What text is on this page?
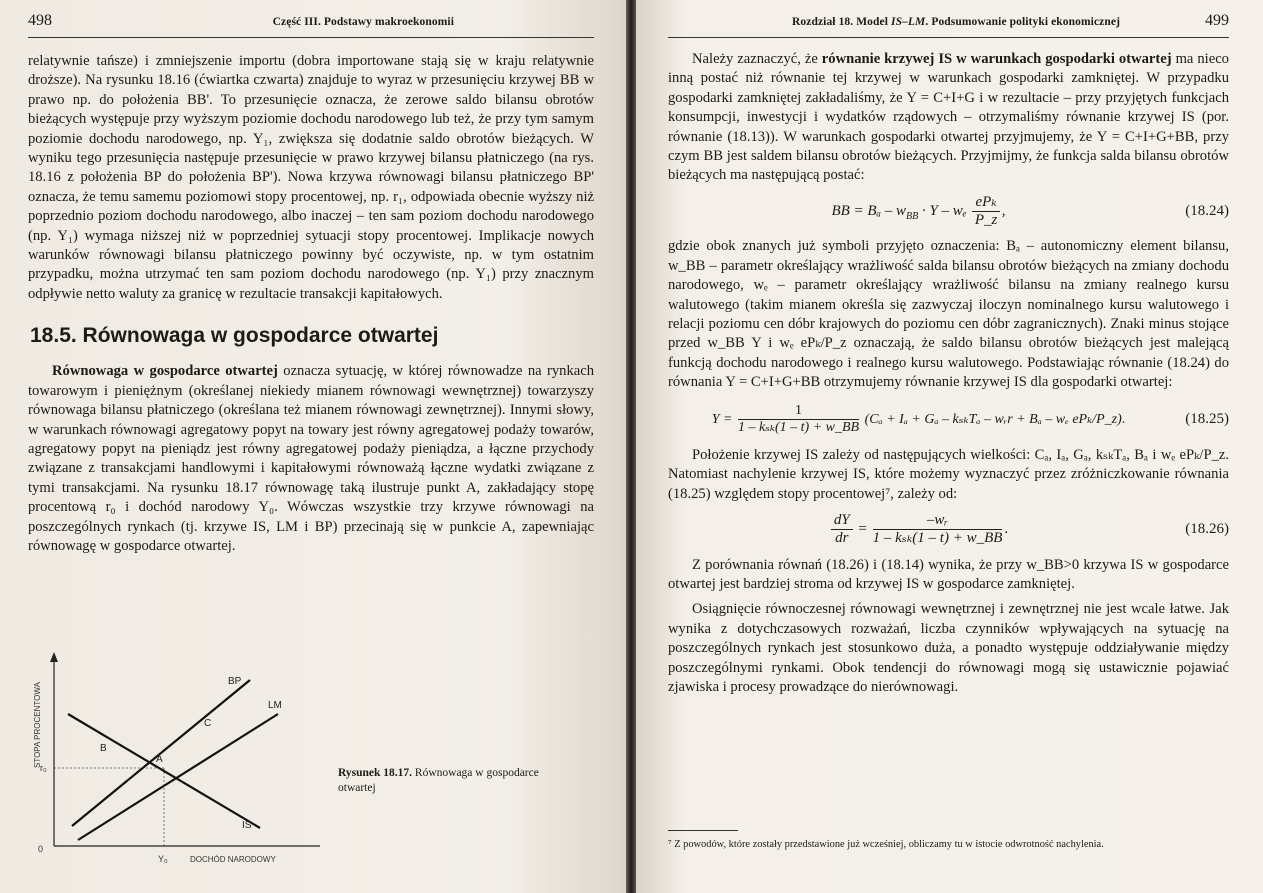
498	Część III. Podstawy makroekonomii

relatywnie tańsze) i zmniejszenie importu (dobra importowane stają się w kraju relatywnie droższe). Na rysunku 18.16 (ćwiartka czwarta) znajduje to wyraz w przesunięciu krzywej BB w prawo np. do położenia BB'. To przesunięcie oznacza, że zerowe saldo bilansu obrotów bieżących występuje przy wyższym poziomie dochodu narodowego lub też, że przy tym samym poziomie dochodu narodowego, np. Y₁, zwiększa się dodatnie saldo obrotów bieżących. W wyniku tego przesunięcia następuje przesunięcie w prawo krzywej bilansu płatniczego (na rys. 18.16 z położenia BP do położenia BP'). Nowa krzywa równowagi bilansu płatniczego BP' oznacza, że temu samemu poziomowi stopy procentowej, np. r₁, odpowiada obecnie wyższy niż poprzednio poziom dochodu narodowego, albo inaczej – ten sam poziom dochodu narodowego (np. Y₁) wymaga niższej niż w poprzedniej sytuacji stopy procentowej. Implikacje nowych warunków równowagi bilansu płatniczego powinny być oczywiste, np. w tym ostatnim przypadku, można utrzymać ten sam poziom dochodu narodowego (np. Y₁) przy znacznym odpływie netto waluty za granicę w rezultacie transakcji kapitałowych.

18.5. Równowaga w gospodarce otwartej

Równowaga w gospodarce otwartej oznacza sytuację, w której równowadze na rynkach towarowym i pieniężnym (określanej niekiedy mianem równowagi wewnętrznej) towarzyszy równowaga bilansu płatniczego (określana też mianem równowagi zewnętrznej). Innymi słowy, w warunkach równowagi agregatowy popyt na towary jest równy agregatowej podaży towarów, agregatowy popyt na pieniądz jest równy agregatowej podaży pieniądza, a łączne przychody związane z transakcjami handlowymi i kapitałowymi równoważą łączne wydatki związane z tymi transakcjami. Na rysunku 18.17 równowagę taką ilustruje punkt A, zakładający stopę procentową r₀ i dochód narodowy Y₀. Wówczas wszystkie trzy krzywe równowagi na poszczególnych rynkach (tj. krzywe IS, LM i BP) przecinają się w punkcie A, zapewniając równowagę w gospodarce otwartej.

STOPA PROCENTOWA
DOCHÓD NARODOWY
0
r₀
Y₀
BP
LM
IS
A
B
C
Rysunek 18.17. Równowaga w gospodarce otwartej
Rozdział 18. Model IS–LM. Podsumowanie polityki ekonomicznej	499

Należy zaznaczyć, że równanie krzywej IS w warunkach gospodarki otwartej ma nieco inną postać niż równanie tej krzywej w warunkach gospodarki zamkniętej. W przypadku gospodarki zamkniętej zakładaliśmy, że Y = C+I+G i w rezultacie – przy przyjętych funkcjach konsumpcji, inwestycji i wydatków rządowych – otrzymaliśmy równanie krzywej IS (por. równanie (18.13)). W warunkach gospodarki otwartej przyjmujemy, że Y = C+I+G+BB, przy czym BB jest saldem bilansu obrotów bieżących. Przyjmijmy, że funkcja salda bilansu obrotów bieżących ma następującą postać:

BB = $B_a - w_{BB} \cdot Y - w_e \frac{\text{ePₖ}}{P\_z}$ ,	(18.24)

gdzie obok znanych już symboli przyjęto oznaczenia: Bₐ – autonomiczny element bilansu, w_BB – parametr określający wrażliwość salda bilansu obrotów bieżących na zmiany dochodu narodowego, wₑ – parametr określający wrażliwość bilansu na zmiany realnego kursu walutowego (takim mianem określa się zazwyczaj iloczyn nominalnego kursu walutowego i relacji poziomu cen dóbr krajowych do poziomu cen dóbr zagranicznych). Znaki minus stojące przed w_BB Y i wₑ ePₖ/P_z oznaczają, że saldo bilansu obrotów bieżących jest malejącą funkcją dochodu narodowego i realnego kursu walutowego. Podstawiając równanie (18.24) do równania Y = C+I+G+BB otrzymujemy równanie krzywej IS dla gospodarki otwartej:

$Y = \frac{1}{\text{1 – kₛₖ(1 – t) + w\_BB}} (C_a + I_a + G_a - k_{sk}T_a$ – wᵣr + Bₐ – wₑ ePₖ/P_z).	(18.25)

Położenie krzywej IS zależy od następujących wielkości: Cₐ, Iₐ, Gₐ, kₛₖTₐ, Bₐ i wₑ ePₖ/P_z. Natomiast nachylenie krzywej IS, które możemy wyznaczyć przez zróżniczkowanie równania (18.25) względem stopy procentowej⁷, zależy od:

$\frac{dY}{dr} = \frac{\text{–wᵣ}}{\text{1 – kₛₖ(1 – t) + w\_BB}}$ .	(18.26)

Z porównania równań (18.26) i (18.14) wynika, że przy w_BB>0 krzywa IS w gospodarce otwartej jest bardziej stroma od krzywej IS w gospodarce zamkniętej.

Osiągnięcie równoczesnej równowagi wewnętrznej i zewnętrznej nie jest wcale łatwe. Jak wynika z dotychczasowych rozważań, liczba czynników wpływających na sytuację na poszczególnych rynkach jest stosunkowo duża, a ponadto występuje oddziaływanie między poszczególnymi rynkami. Obok tendencji do równowagi mogą się ustawicznie pojawiać zjawiska i procesy prowadzące do nierównowagi.

⁷ Z powodów, które zostały przedstawione już wcześniej, obliczamy tu w istocie odwrotność nachylenia.
